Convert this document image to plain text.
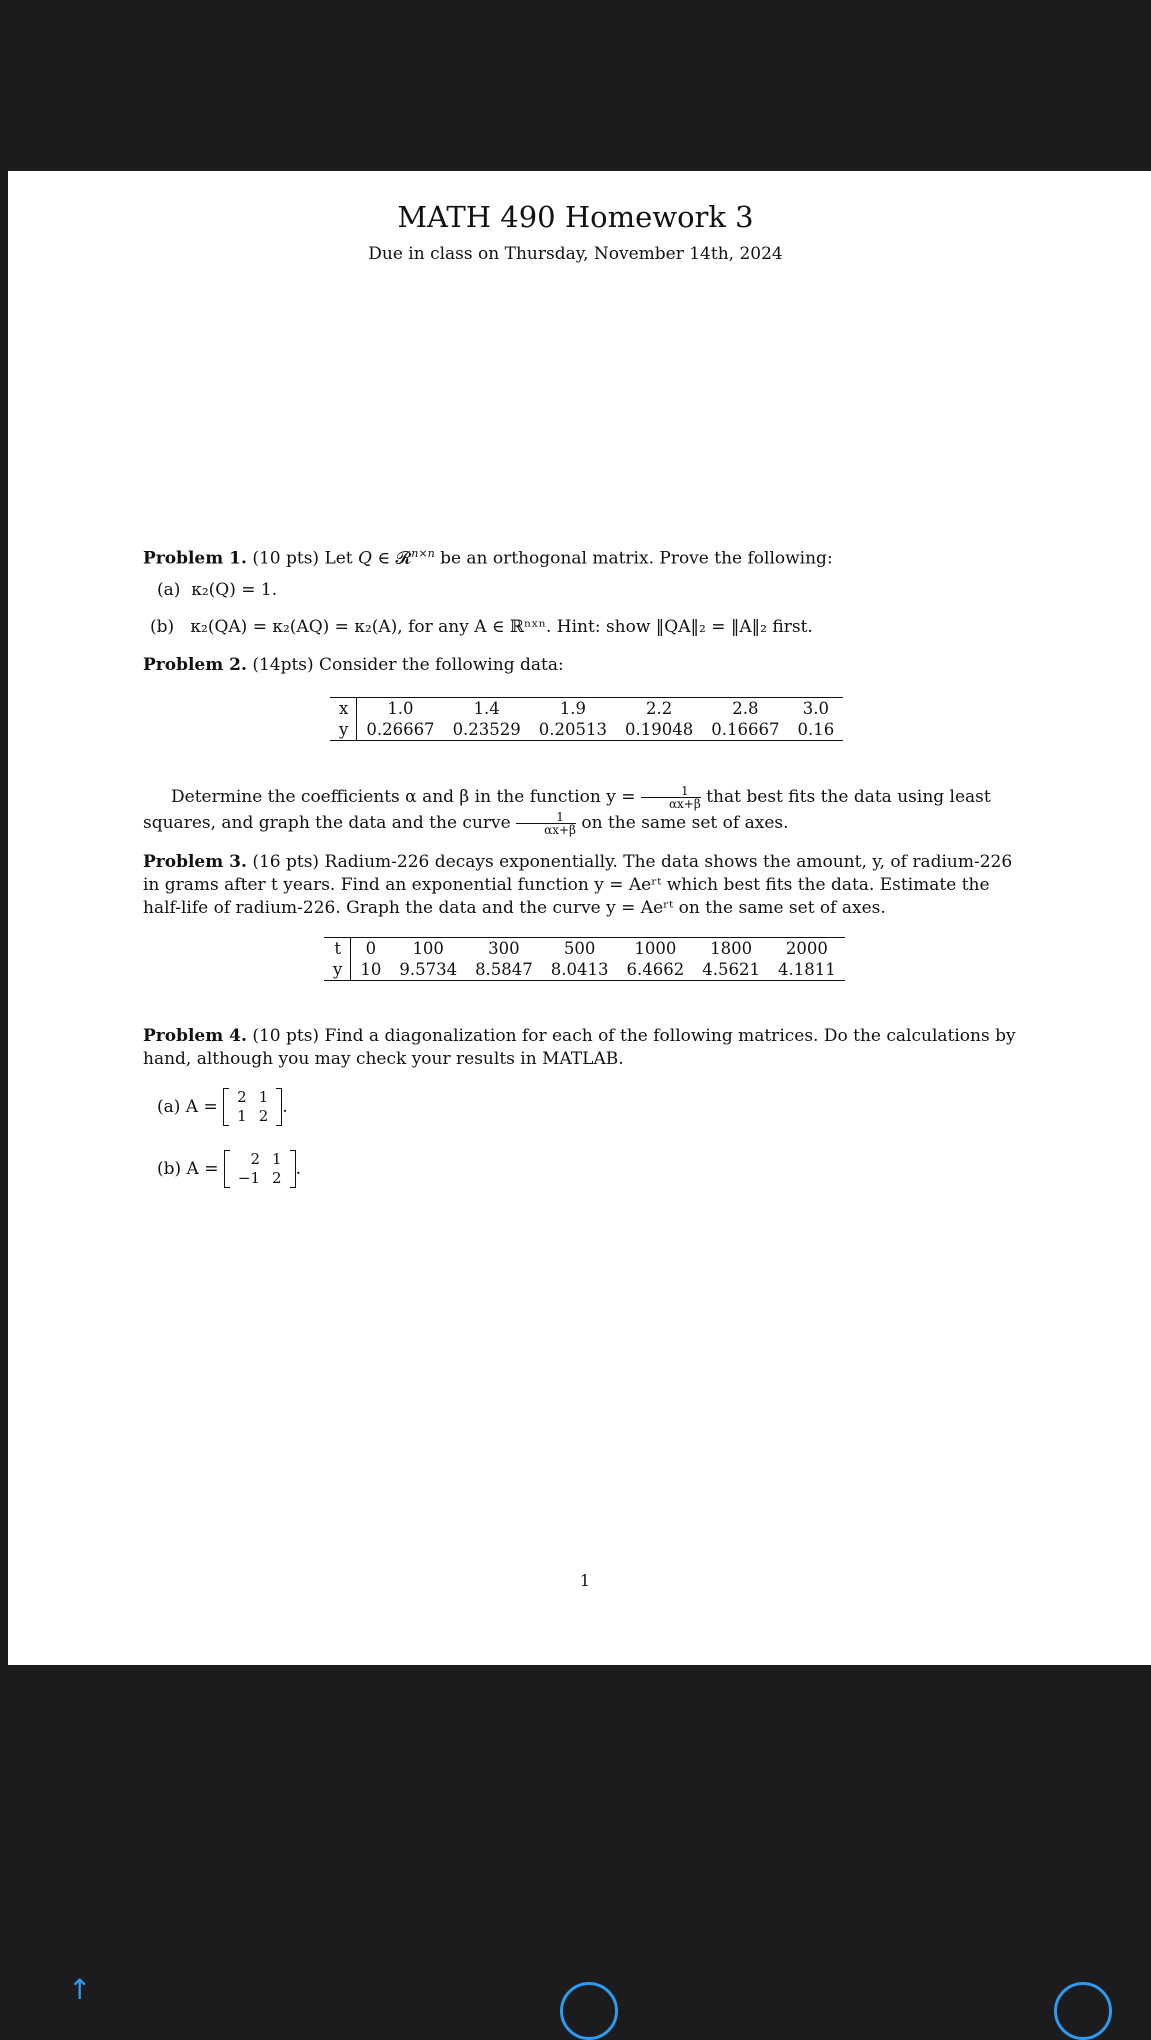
MATH 490 Homework 3
Due in class on Thursday, November 14th, 2024
Problem 1. (10 pts) Let Q ∈ 𝓡$^{n\times n}$ be an orthogonal matrix. Prove the following:
(a) κ₂(Q) = 1.
(b) κ₂(QA) = κ₂(AQ) = κ₂(A), for any A ∈ ℝⁿˣⁿ. Hint: show ‖QA‖₂ = ‖A‖₂ first.
Problem 2. (14pts) Consider the following data:
x	1.0	1.4	1.9	2.2	2.8	3.0
y	0.26667	0.23529	0.20513	0.19048	0.16667	0.16
Determine the coefficients α and β in the function $y = \frac{1}{\alpha x+\beta}$ that best fits the data using least squares, and graph the data and the curve $\frac{1}{\alpha x+\beta}$ on the same set of axes.
Problem 3. (16 pts) Radium-226 decays exponentially. The data shows the amount, y, of radium-226 in grams after t years. Find an exponential function y = Aeʳᵗ which best fits the data. Estimate the half-life of radium-226. Graph the data and the curve y = Aeʳᵗ on the same set of axes.
t	0	100	300	500	1000	1800	2000
y	10	9.5734	8.5847	8.0413	6.4662	4.5621	4.1811
Problem 4. (10 pts) Find a diagonalization for each of the following matrices. Do the calculations by hand, although you may check your results in MATLAB.
(a) A = 2	1
1	2 .
(b) A = 2	1
−1	2 .
1
↑
